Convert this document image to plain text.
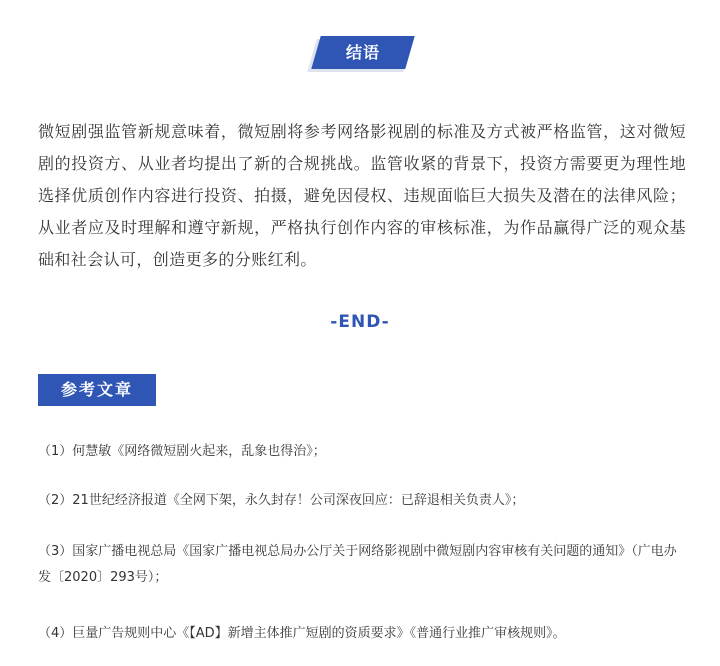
结语

微短剧强监管新规意味着，微短剧将参考网络影视剧的标准及方式被严格监管，这对微短剧的投资方、从业者均提出了新的合规挑战。监管收紧的背景下，投资方需要更为理性地选择优质创作内容进行投资、拍摄，避免因侵权、违规面临巨大损失及潜在的法律风险；从业者应及时理解和遵守新规，严格执行创作内容的审核标准，为作品赢得广泛的观众基础和社会认可，创造更多的分账红利。

-END-
参考文章

（1）何慧敏《网络微短剧火起来，乱象也得治》；

（2）21世纪经济报道《全网下架，永久封存！公司深夜回应：已辞退相关负责人》；

（3）国家广播电视总局《国家广播电视总局办公厅关于网络影视剧中微短剧内容审核有关问题的通知》（广电办发〔2020〕293号）；

（4）巨量广告规则中心《【AD】新增主体推广短剧的资质要求》《普通行业推广审核规则》。
